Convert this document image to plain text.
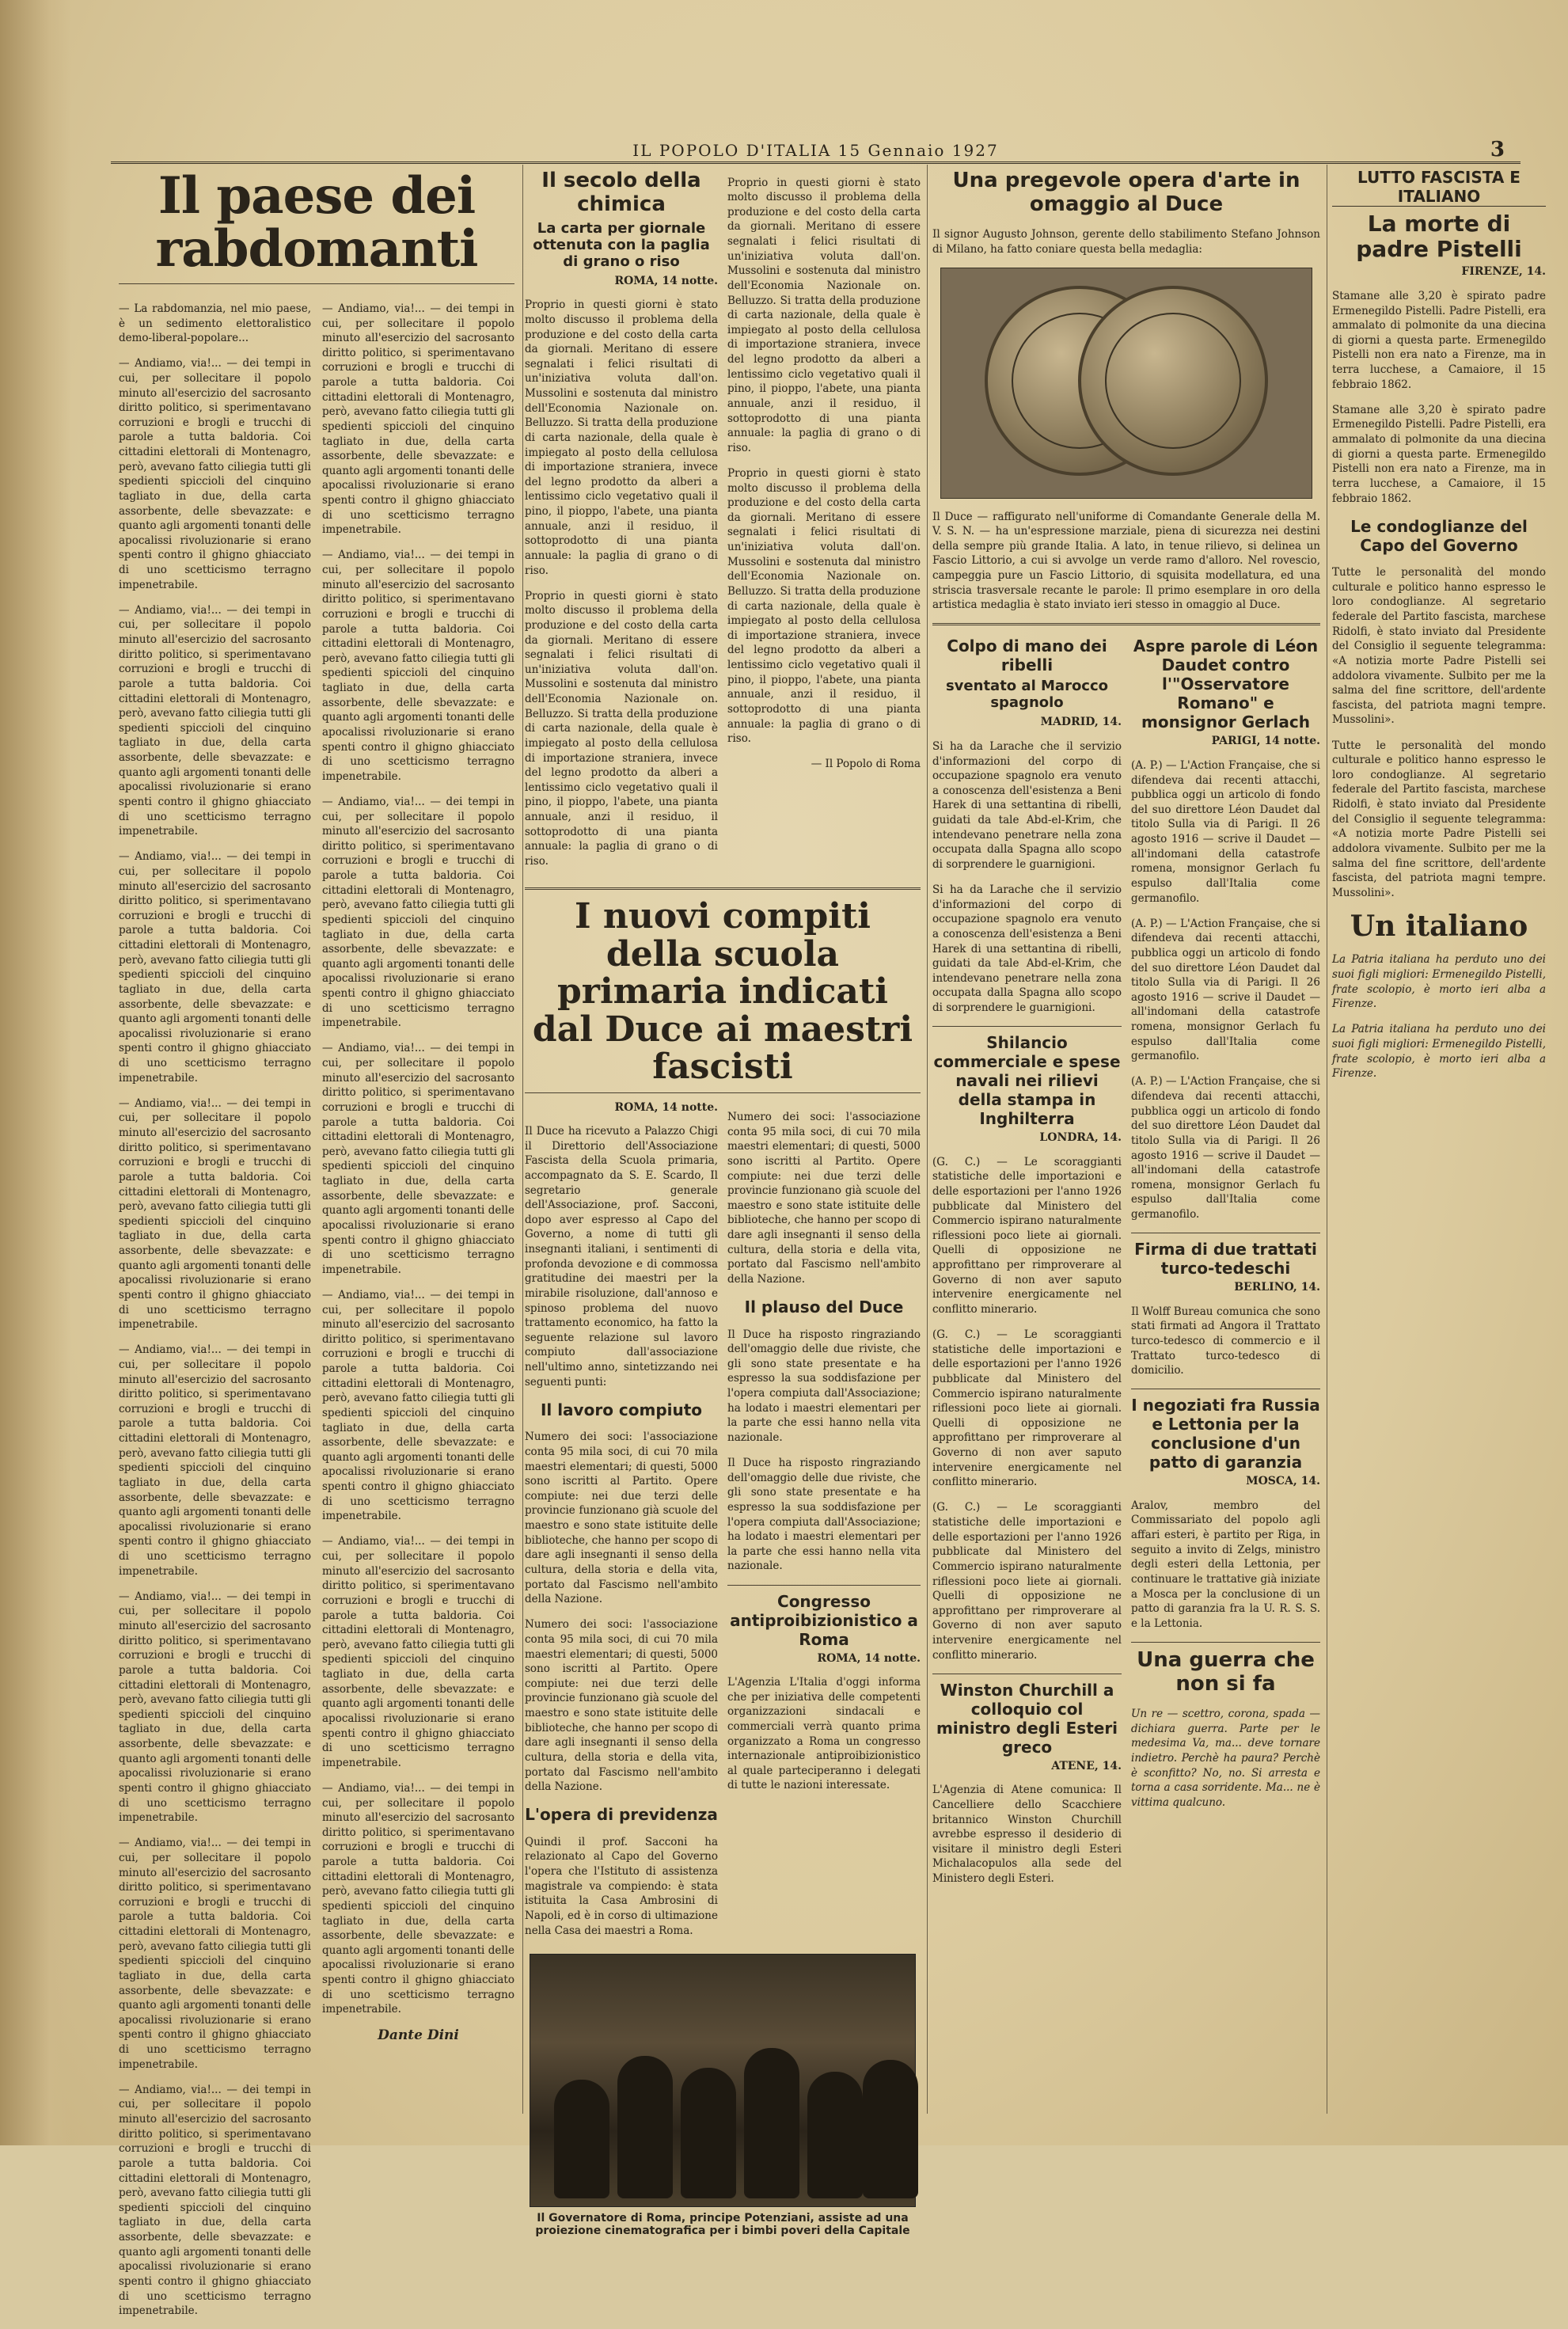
IL POPOLO D'ITALIA 15 Gennaio 1927	3
Il paese dei rabdomanti

— La rabdomanzia, nel mio paese, è un sedimento elettoralistico demo-liberal-popolare...

— Andiamo, via!... — dei tempi in cui, per sollecitare il popolo minuto all'esercizio del sacrosanto diritto politico, si sperimentavano corruzioni e brogli e trucchi di parole a tutta baldoria. Coi cittadini elettorali di Montenagro, però, avevano fatto ciliegia tutti gli spedienti spiccioli del cinquino tagliato in due, della carta assorbente, delle sbevazzate: e quanto agli argomenti tonanti delle apocalissi rivoluzionarie si erano spenti contro il ghigno ghiacciato di uno scetticismo terragno impenetrabile.

— Andiamo, via!... — dei tempi in cui, per sollecitare il popolo minuto all'esercizio del sacrosanto diritto politico, si sperimentavano corruzioni e brogli e trucchi di parole a tutta baldoria. Coi cittadini elettorali di Montenagro, però, avevano fatto ciliegia tutti gli spedienti spiccioli del cinquino tagliato in due, della carta assorbente, delle sbevazzate: e quanto agli argomenti tonanti delle apocalissi rivoluzionarie si erano spenti contro il ghigno ghiacciato di uno scetticismo terragno impenetrabile.

— Andiamo, via!... — dei tempi in cui, per sollecitare il popolo minuto all'esercizio del sacrosanto diritto politico, si sperimentavano corruzioni e brogli e trucchi di parole a tutta baldoria. Coi cittadini elettorali di Montenagro, però, avevano fatto ciliegia tutti gli spedienti spiccioli del cinquino tagliato in due, della carta assorbente, delle sbevazzate: e quanto agli argomenti tonanti delle apocalissi rivoluzionarie si erano spenti contro il ghigno ghiacciato di uno scetticismo terragno impenetrabile.

— Andiamo, via!... — dei tempi in cui, per sollecitare il popolo minuto all'esercizio del sacrosanto diritto politico, si sperimentavano corruzioni e brogli e trucchi di parole a tutta baldoria. Coi cittadini elettorali di Montenagro, però, avevano fatto ciliegia tutti gli spedienti spiccioli del cinquino tagliato in due, della carta assorbente, delle sbevazzate: e quanto agli argomenti tonanti delle apocalissi rivoluzionarie si erano spenti contro il ghigno ghiacciato di uno scetticismo terragno impenetrabile.

— Andiamo, via!... — dei tempi in cui, per sollecitare il popolo minuto all'esercizio del sacrosanto diritto politico, si sperimentavano corruzioni e brogli e trucchi di parole a tutta baldoria. Coi cittadini elettorali di Montenagro, però, avevano fatto ciliegia tutti gli spedienti spiccioli del cinquino tagliato in due, della carta assorbente, delle sbevazzate: e quanto agli argomenti tonanti delle apocalissi rivoluzionarie si erano spenti contro il ghigno ghiacciato di uno scetticismo terragno impenetrabile.

— Andiamo, via!... — dei tempi in cui, per sollecitare il popolo minuto all'esercizio del sacrosanto diritto politico, si sperimentavano corruzioni e brogli e trucchi di parole a tutta baldoria. Coi cittadini elettorali di Montenagro, però, avevano fatto ciliegia tutti gli spedienti spiccioli del cinquino tagliato in due, della carta assorbente, delle sbevazzate: e quanto agli argomenti tonanti delle apocalissi rivoluzionarie si erano spenti contro il ghigno ghiacciato di uno scetticismo terragno impenetrabile.

— Andiamo, via!... — dei tempi in cui, per sollecitare il popolo minuto all'esercizio del sacrosanto diritto politico, si sperimentavano corruzioni e brogli e trucchi di parole a tutta baldoria. Coi cittadini elettorali di Montenagro, però, avevano fatto ciliegia tutti gli spedienti spiccioli del cinquino tagliato in due, della carta assorbente, delle sbevazzate: e quanto agli argomenti tonanti delle apocalissi rivoluzionarie si erano spenti contro il ghigno ghiacciato di uno scetticismo terragno impenetrabile.

— Andiamo, via!... — dei tempi in cui, per sollecitare il popolo minuto all'esercizio del sacrosanto diritto politico, si sperimentavano corruzioni e brogli e trucchi di parole a tutta baldoria. Coi cittadini elettorali di Montenagro, però, avevano fatto ciliegia tutti gli spedienti spiccioli del cinquino tagliato in due, della carta assorbente, delle sbevazzate: e quanto agli argomenti tonanti delle apocalissi rivoluzionarie si erano spenti contro il ghigno ghiacciato di uno scetticismo terragno impenetrabile.

— Andiamo, via!... — dei tempi in cui, per sollecitare il popolo minuto all'esercizio del sacrosanto diritto politico, si sperimentavano corruzioni e brogli e trucchi di parole a tutta baldoria. Coi cittadini elettorali di Montenagro, però, avevano fatto ciliegia tutti gli spedienti spiccioli del cinquino tagliato in due, della carta assorbente, delle sbevazzate: e quanto agli argomenti tonanti delle apocalissi rivoluzionarie si erano spenti contro il ghigno ghiacciato di uno scetticismo terragno impenetrabile.

— Andiamo, via!... — dei tempi in cui, per sollecitare il popolo minuto all'esercizio del sacrosanto diritto politico, si sperimentavano corruzioni e brogli e trucchi di parole a tutta baldoria. Coi cittadini elettorali di Montenagro, però, avevano fatto ciliegia tutti gli spedienti spiccioli del cinquino tagliato in due, della carta assorbente, delle sbevazzate: e quanto agli argomenti tonanti delle apocalissi rivoluzionarie si erano spenti contro il ghigno ghiacciato di uno scetticismo terragno impenetrabile.

— Andiamo, via!... — dei tempi in cui, per sollecitare il popolo minuto all'esercizio del sacrosanto diritto politico, si sperimentavano corruzioni e brogli e trucchi di parole a tutta baldoria. Coi cittadini elettorali di Montenagro, però, avevano fatto ciliegia tutti gli spedienti spiccioli del cinquino tagliato in due, della carta assorbente, delle sbevazzate: e quanto agli argomenti tonanti delle apocalissi rivoluzionarie si erano spenti contro il ghigno ghiacciato di uno scetticismo terragno impenetrabile.

— Andiamo, via!... — dei tempi in cui, per sollecitare il popolo minuto all'esercizio del sacrosanto diritto politico, si sperimentavano corruzioni e brogli e trucchi di parole a tutta baldoria. Coi cittadini elettorali di Montenagro, però, avevano fatto ciliegia tutti gli spedienti spiccioli del cinquino tagliato in due, della carta assorbente, delle sbevazzate: e quanto agli argomenti tonanti delle apocalissi rivoluzionarie si erano spenti contro il ghigno ghiacciato di uno scetticismo terragno impenetrabile.

— Andiamo, via!... — dei tempi in cui, per sollecitare il popolo minuto all'esercizio del sacrosanto diritto politico, si sperimentavano corruzioni e brogli e trucchi di parole a tutta baldoria. Coi cittadini elettorali di Montenagro, però, avevano fatto ciliegia tutti gli spedienti spiccioli del cinquino tagliato in due, della carta assorbente, delle sbevazzate: e quanto agli argomenti tonanti delle apocalissi rivoluzionarie si erano spenti contro il ghigno ghiacciato di uno scetticismo terragno impenetrabile.

— Andiamo, via!... — dei tempi in cui, per sollecitare il popolo minuto all'esercizio del sacrosanto diritto politico, si sperimentavano corruzioni e brogli e trucchi di parole a tutta baldoria. Coi cittadini elettorali di Montenagro, però, avevano fatto ciliegia tutti gli spedienti spiccioli del cinquino tagliato in due, della carta assorbente, delle sbevazzate: e quanto agli argomenti tonanti delle apocalissi rivoluzionarie si erano spenti contro il ghigno ghiacciato di uno scetticismo terragno impenetrabile.

— Andiamo, via!... — dei tempi in cui, per sollecitare il popolo minuto all'esercizio del sacrosanto diritto politico, si sperimentavano corruzioni e brogli e trucchi di parole a tutta baldoria. Coi cittadini elettorali di Montenagro, però, avevano fatto ciliegia tutti gli spedienti spiccioli del cinquino tagliato in due, della carta assorbente, delle sbevazzate: e quanto agli argomenti tonanti delle apocalissi rivoluzionarie si erano spenti contro il ghigno ghiacciato di uno scetticismo terragno impenetrabile.

Dante Dini
Il secolo della chimica
La carta per giornale ottenuta con la paglia di grano o riso
ROMA, 14 notte.

Proprio in questi giorni è stato molto discusso il problema della produzione e del costo della carta da giornali. Meritano di essere segnalati i felici risultati di un'iniziativa voluta dall'on. Mussolini e sostenuta dal ministro dell'Economia Nazionale on. Belluzzo. Si tratta della produzione di carta nazionale, della quale è impiegato al posto della cellulosa di importazione straniera, invece del legno prodotto da alberi a lentissimo ciclo vegetativo quali il pino, il pioppo, l'abete, una pianta annuale, anzi il residuo, il sottoprodotto di una pianta annuale: la paglia di grano o di riso.

Proprio in questi giorni è stato molto discusso il problema della produzione e del costo della carta da giornali. Meritano di essere segnalati i felici risultati di un'iniziativa voluta dall'on. Mussolini e sostenuta dal ministro dell'Economia Nazionale on. Belluzzo. Si tratta della produzione di carta nazionale, della quale è impiegato al posto della cellulosa di importazione straniera, invece del legno prodotto da alberi a lentissimo ciclo vegetativo quali il pino, il pioppo, l'abete, una pianta annuale, anzi il residuo, il sottoprodotto di una pianta annuale: la paglia di grano o di riso.

Proprio in questi giorni è stato molto discusso il problema della produzione e del costo della carta da giornali. Meritano di essere segnalati i felici risultati di un'iniziativa voluta dall'on. Mussolini e sostenuta dal ministro dell'Economia Nazionale on. Belluzzo. Si tratta della produzione di carta nazionale, della quale è impiegato al posto della cellulosa di importazione straniera, invece del legno prodotto da alberi a lentissimo ciclo vegetativo quali il pino, il pioppo, l'abete, una pianta annuale, anzi il residuo, il sottoprodotto di una pianta annuale: la paglia di grano o di riso.

Proprio in questi giorni è stato molto discusso il problema della produzione e del costo della carta da giornali. Meritano di essere segnalati i felici risultati di un'iniziativa voluta dall'on. Mussolini e sostenuta dal ministro dell'Economia Nazionale on. Belluzzo. Si tratta della produzione di carta nazionale, della quale è impiegato al posto della cellulosa di importazione straniera, invece del legno prodotto da alberi a lentissimo ciclo vegetativo quali il pino, il pioppo, l'abete, una pianta annuale, anzi il residuo, il sottoprodotto di una pianta annuale: la paglia di grano o di riso.

— Il Popolo di Roma
I nuovi compiti della scuola primaria indicati dal Duce ai maestri fascisti
ROMA, 14 notte.

Il Duce ha ricevuto a Palazzo Chigi il Direttorio dell'Associazione Fascista della Scuola primaria, accompagnato da S. E. Scardo, Il segretario generale dell'Associazione, prof. Sacconi, dopo aver espresso al Capo del Governo, a nome di tutti gli insegnanti italiani, i sentimenti di profonda devozione e di commossa gratitudine dei maestri per la mirabile risoluzione, dall'annoso e spinoso problema del nuovo trattamento economico, ha fatto la seguente relazione sul lavoro compiuto dall'associazione nell'ultimo anno, sintetizzando nei seguenti punti:

Il lavoro compiuto

Numero dei soci: l'associazione conta 95 mila soci, di cui 70 mila maestri elementari; di questi, 5000 sono iscritti al Partito. Opere compiute: nei due terzi delle provincie funzionano già scuole del maestro e sono state istituite delle biblioteche, che hanno per scopo di dare agli insegnanti il senso della cultura, della storia e della vita, portato dal Fascismo nell'ambito della Nazione.

Numero dei soci: l'associazione conta 95 mila soci, di cui 70 mila maestri elementari; di questi, 5000 sono iscritti al Partito. Opere compiute: nei due terzi delle provincie funzionano già scuole del maestro e sono state istituite delle biblioteche, che hanno per scopo di dare agli insegnanti il senso della cultura, della storia e della vita, portato dal Fascismo nell'ambito della Nazione.

L'opera di previdenza

Quindi il prof. Sacconi ha relazionato al Capo del Governo l'opera che l'Istituto di assistenza magistrale va compiendo: è stata istituita la Casa Ambrosini di Napoli, ed è in corso di ultimazione nella Casa dei maestri a Roma.

Numero dei soci: l'associazione conta 95 mila soci, di cui 70 mila maestri elementari; di questi, 5000 sono iscritti al Partito. Opere compiute: nei due terzi delle provincie funzionano già scuole del maestro e sono state istituite delle biblioteche, che hanno per scopo di dare agli insegnanti il senso della cultura, della storia e della vita, portato dal Fascismo nell'ambito della Nazione.

Il plauso del Duce

Il Duce ha risposto ringraziando dell'omaggio delle due riviste, che gli sono state presentate e ha espresso la sua soddisfazione per l'opera compiuta dall'Associazione; ha lodato i maestri elementari per la parte che essi hanno nella vita nazionale.

Il Duce ha risposto ringraziando dell'omaggio delle due riviste, che gli sono state presentate e ha espresso la sua soddisfazione per l'opera compiuta dall'Associazione; ha lodato i maestri elementari per la parte che essi hanno nella vita nazionale.

Congresso antiproibizionistico a Roma
ROMA, 14 notte.

L'Agenzia L'Italia d'oggi informa che per iniziativa delle competenti organizzazioni sindacali e commerciali verrà quanto prima organizzato a Roma un congresso internazionale antiproibizionistico al quale parteciperanno i delegati di tutte le nazioni interessate.

Il Governatore di Roma, principe Potenziani, assiste ad una proiezione cinematografica per i bimbi poveri della Capitale
Una pregevole opera d'arte in omaggio al Duce

Il signor Augusto Johnson, gerente dello stabilimento Stefano Johnson di Milano, ha fatto coniare questa bella medaglia:

Il Duce — raffigurato nell'uniforme di Comandante Generale della M. V. S. N. — ha un'espressione marziale, piena di sicurezza nei destini della sempre più grande Italia. A lato, in tenue rilievo, si delinea un Fascio Littorio, a cui si avvolge un verde ramo d'alloro. Nel rovescio, campeggia pure un Fascio Littorio, di squisita modellatura, ed una striscia trasversale recante le parole: Il primo esemplare in oro della artistica medaglia è stato inviato ieri stesso in omaggio al Duce.

Colpo di mano dei ribelli
sventato al Marocco spagnolo
MADRID, 14.

Si ha da Larache che il servizio d'informazioni del corpo di occupazione spagnolo era venuto a conoscenza dell'esistenza a Beni Harek di una settantina di ribelli, guidati da tale Abd-el-Krim, che intendevano penetrare nella zona occupata dalla Spagna allo scopo di sorprendere le guarnigioni.

Si ha da Larache che il servizio d'informazioni del corpo di occupazione spagnolo era venuto a conoscenza dell'esistenza a Beni Harek di una settantina di ribelli, guidati da tale Abd-el-Krim, che intendevano penetrare nella zona occupata dalla Spagna allo scopo di sorprendere le guarnigioni.

Shilancio commerciale e spese navali nei rilievi della stampa in Inghilterra
LONDRA, 14.

(G. C.) — Le scoraggianti statistiche delle importazioni e delle esportazioni per l'anno 1926 pubblicate dal Ministero del Commercio ispirano naturalmente riflessioni poco liete ai giornali. Quelli di opposizione ne approfittano per rimproverare al Governo di non aver saputo intervenire energicamente nel conflitto minerario.

(G. C.) — Le scoraggianti statistiche delle importazioni e delle esportazioni per l'anno 1926 pubblicate dal Ministero del Commercio ispirano naturalmente riflessioni poco liete ai giornali. Quelli di opposizione ne approfittano per rimproverare al Governo di non aver saputo intervenire energicamente nel conflitto minerario.

(G. C.) — Le scoraggianti statistiche delle importazioni e delle esportazioni per l'anno 1926 pubblicate dal Ministero del Commercio ispirano naturalmente riflessioni poco liete ai giornali. Quelli di opposizione ne approfittano per rimproverare al Governo di non aver saputo intervenire energicamente nel conflitto minerario.

Winston Churchill a colloquio col ministro degli Esteri greco
ATENE, 14.

L'Agenzia di Atene comunica: Il Cancelliere dello Scacchiere britannico Winston Churchill avrebbe espresso il desiderio di visitare il ministro degli Esteri Michalacopulos alla sede del Ministero degli Esteri.

Aspre parole di Léon Daudet contro l'"Osservatore Romano" e monsignor Gerlach
PARIGI, 14 notte.

(A. P.) — L'Action Française, che si difendeva dai recenti attacchi, pubblica oggi un articolo di fondo del suo direttore Léon Daudet dal titolo Sulla via di Parigi. Il 26 agosto 1916 — scrive il Daudet — all'indomani della catastrofe romena, monsignor Gerlach fu espulso dall'Italia come germanofilo.

(A. P.) — L'Action Française, che si difendeva dai recenti attacchi, pubblica oggi un articolo di fondo del suo direttore Léon Daudet dal titolo Sulla via di Parigi. Il 26 agosto 1916 — scrive il Daudet — all'indomani della catastrofe romena, monsignor Gerlach fu espulso dall'Italia come germanofilo.

(A. P.) — L'Action Française, che si difendeva dai recenti attacchi, pubblica oggi un articolo di fondo del suo direttore Léon Daudet dal titolo Sulla via di Parigi. Il 26 agosto 1916 — scrive il Daudet — all'indomani della catastrofe romena, monsignor Gerlach fu espulso dall'Italia come germanofilo.

Firma di due trattati turco-tedeschi
BERLINO, 14.

Il Wolff Bureau comunica che sono stati firmati ad Angora il Trattato turco-tedesco di commercio e il Trattato turco-tedesco di domicilio.

I negoziati fra Russia e Lettonia per la conclusione d'un patto di garanzia
MOSCA, 14.

Aralov, membro del Commissariato del popolo agli affari esteri, è partito per Riga, in seguito a invito di Zelgs, ministro degli esteri della Lettonia, per continuare le trattative già iniziate a Mosca per la conclusione di un patto di garanzia fra la U. R. S. S. e la Lettonia.

Una guerra che non si fa

Un re — scettro, corona, spada — dichiara guerra. Parte per le medesima Va, ma... deve tornare indietro. Perchè ha paura? Perchè è sconfitto? No, no. Si arresta e torna a casa sorridente. Ma... ne è vittima qualcuno.

LUTTO FASCISTA E ITALIANO
La morte di padre Pistelli
FIRENZE, 14.

Stamane alle 3,20 è spirato padre Ermenegildo Pistelli. Padre Pistelli, era ammalato di polmonite da una diecina di giorni a questa parte. Ermenegildo Pistelli non era nato a Firenze, ma in terra lucchese, a Camaiore, il 15 febbraio 1862.

Stamane alle 3,20 è spirato padre Ermenegildo Pistelli. Padre Pistelli, era ammalato di polmonite da una diecina di giorni a questa parte. Ermenegildo Pistelli non era nato a Firenze, ma in terra lucchese, a Camaiore, il 15 febbraio 1862.

Le condoglianze del Capo del Governo

Tutte le personalità del mondo culturale e politico hanno espresso le loro condoglianze. Al segretario federale del Partito fascista, marchese Ridolfi, è stato inviato dal Presidente del Consiglio il seguente telegramma: «A notizia morte Padre Pistelli sei addolora vivamente. Sulbito per me la salma del fine scrittore, dell'ardente fascista, del patriota magni tempre. Mussolini».

Tutte le personalità del mondo culturale e politico hanno espresso le loro condoglianze. Al segretario federale del Partito fascista, marchese Ridolfi, è stato inviato dal Presidente del Consiglio il seguente telegramma: «A notizia morte Padre Pistelli sei addolora vivamente. Sulbito per me la salma del fine scrittore, dell'ardente fascista, del patriota magni tempre. Mussolini».

Un italiano

La Patria italiana ha perduto uno dei suoi figli migliori: Ermenegildo Pistelli, frate scolopio, è morto ieri alba a Firenze.

La Patria italiana ha perduto uno dei suoi figli migliori: Ermenegildo Pistelli, frate scolopio, è morto ieri alba a Firenze.
